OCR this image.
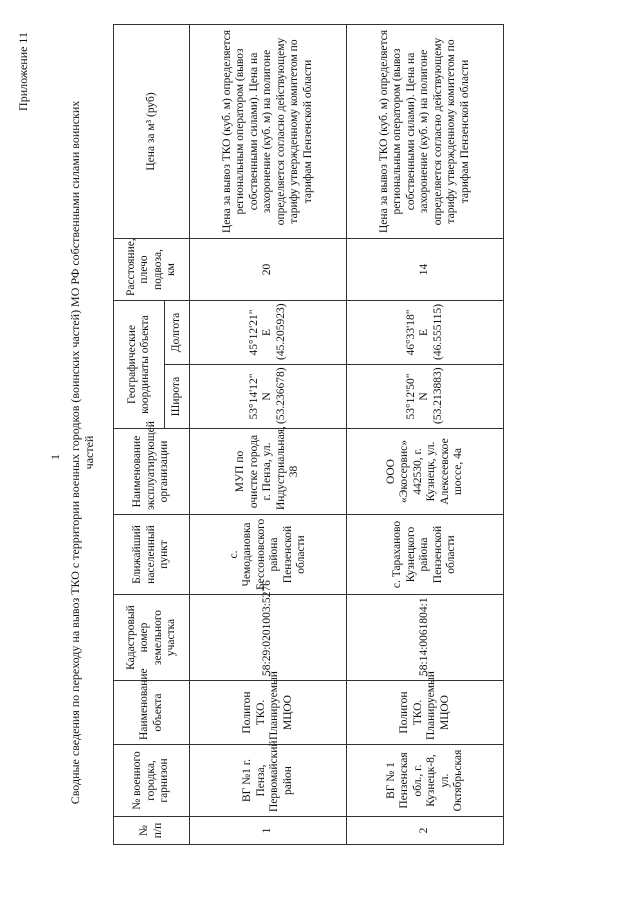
Приложение 11
1 Сводные сведения по переходу на вывоз ТКО с территории военных городков (воинских частей) МО РФ собственными силами воинских частей
№ п/п	№ военного городка, гарнизон	Наименование объекта	Кадастровый номер земельного участка	Ближайший населенный пункт	Наименование эксплуатирующей организации	Географические координаты объекта		Расстояние, плечо подвоза, км	Цена за м³ (руб)
						Широта	Долгота		
1	ВГ №1 г. Пенза, Первомайский район	Полигон ТКО. Планируемый МЦОО	58:29:0201003:5276	с. Чемодановка Бессоновского района Пензенской области	МУП по очистке города г. Пенза, ул. Индустриальная, 38	53°14'12" N (53.236678)	45°12'21" E (45.205923)	20	Цена за вывоз ТКО (куб. м) определяется региональным оператором (вывоз собственными силами). Цена на захоронение (куб. м) на полигоне определяется согласно действующему тарифу утвержденному комитетом по тарифам Пензенской области
2	ВГ № 1 Пензенская обл., г. Кузнецк-8, ул. Октябрьская	Полигон ТКО. Планируемый МЦОО	58:14:0061804:1	с. Тараханово Кузнецкого района Пензенской области	ООО «Экосервис» 442530, г. Кузнецк, ул. Алексеевское шоссе, 4а	53°12'50" N (53.213883)	46°33'18" E (46.555115)	14	Цена за вывоз ТКО (куб. м) определяется региональным оператором (вывоз собственными силами). Цена на захоронение (куб. м) на полигоне определяется согласно действующему тарифу утвержденному комитетом по тарифам Пензенской области
